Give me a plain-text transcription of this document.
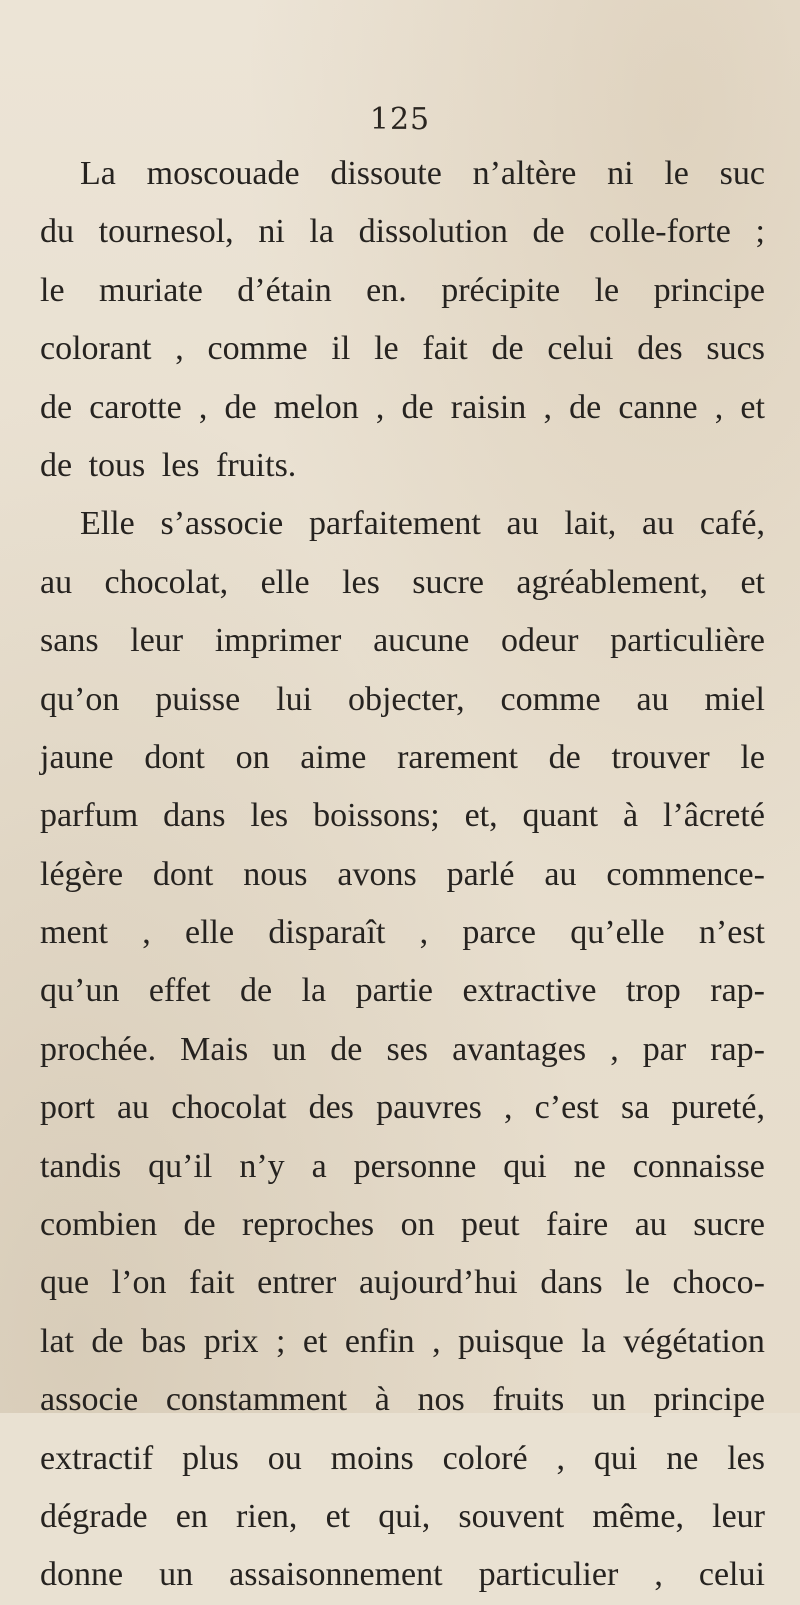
125
La moscouade dissoute n’altère ni le suc
du tournesol, ni la dissolution de colle-forte ;
le muriate d’étain en. précipite le principe
colorant , comme il le fait de celui des sucs
de carotte , de melon , de raisin , de canne , et
de tous les fruits.
Elle s’associe parfaitement au lait, au café,
au chocolat, elle les sucre agréablement, et
sans leur imprimer aucune odeur particulière
qu’on puisse lui objecter, comme au miel
jaune dont on aime rarement de trouver le
parfum dans les boissons; et, quant à l’âcreté
légère dont nous avons parlé au commence-
ment , elle disparaît , parce qu’elle n’est
qu’un effet de la partie extractive trop rap-
prochée. Mais un de ses avantages , par rap-
port au chocolat des pauvres , c’est sa pureté,
tandis qu’il n’y a personne qui ne connaisse
combien de reproches on peut faire au sucre
que l’on fait entrer aujourd’hui dans le choco-
lat de bas prix ; et enfin , puisque la végétation
associe constamment à nos fruits un principe
extractif plus ou moins coloré , qui ne les
dégrade en rien, et qui, souvent même, leur
donne un assaisonnement particulier , celui
